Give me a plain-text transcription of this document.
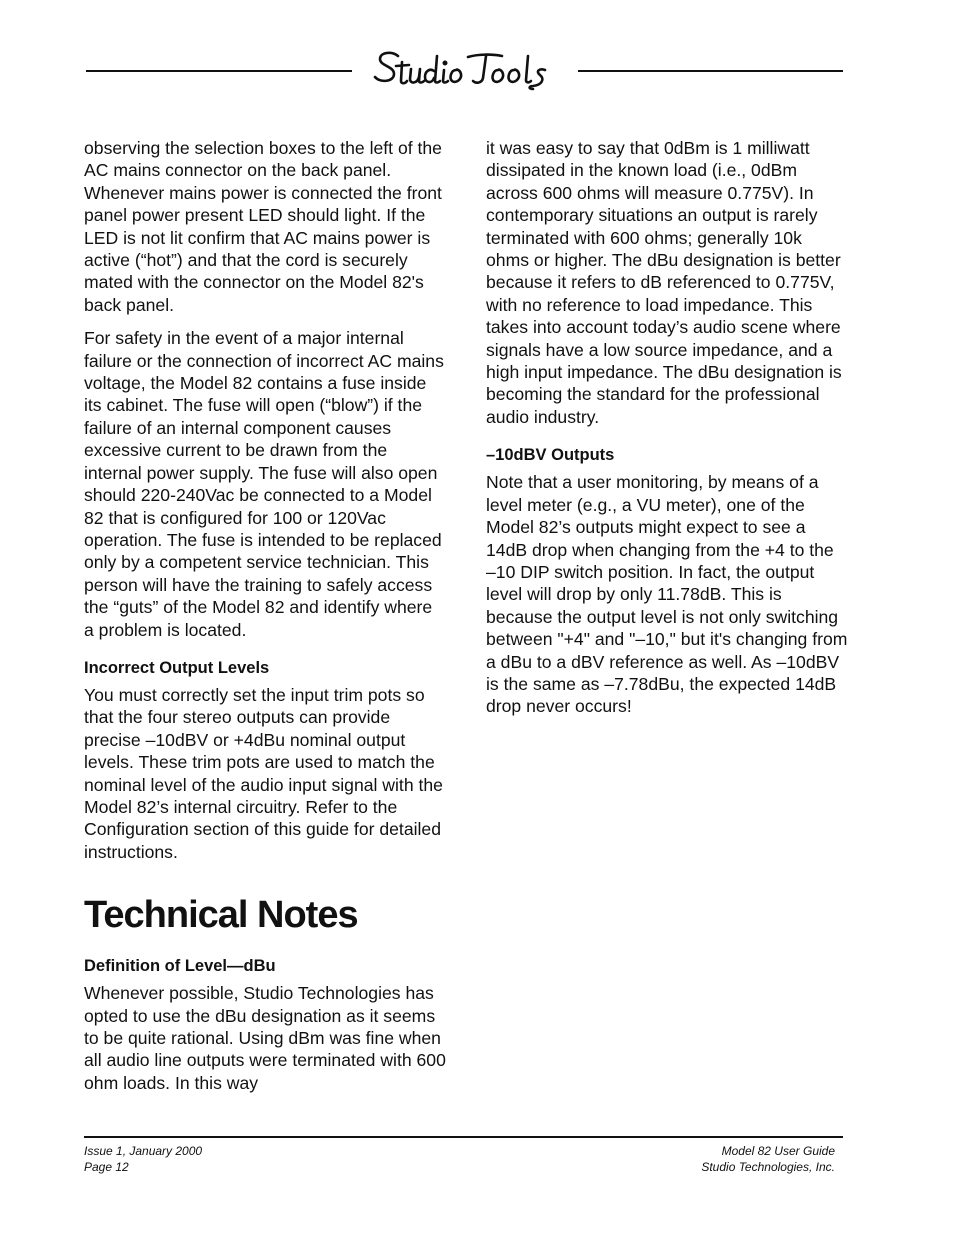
observing the selection boxes to the left of the AC mains connector on the back panel. Whenever mains power is connected the front panel power present LED should light. If the LED is not lit confirm that AC mains power is active (“hot”) and that the cord is securely mated with the connector on the Model 82's back panel.

For safety in the event of a major internal failure or the connection of incorrect AC mains voltage, the Model 82 contains a fuse inside its cabinet. The fuse will open (“blow”) if the failure of an internal component causes excessive current to be drawn from the internal power supply. The fuse will also open should 220-240Vac be connected to a Model 82 that is configured for 100 or 120Vac operation. The fuse is intended to be replaced only by a competent service technician. This person will have the training to safely access the “guts” of the Model 82 and identify where a problem is located.

Incorrect Output Levels

You must correctly set the input trim pots so that the four stereo outputs can provide precise –10dBV or +4dBu nominal output levels. These trim pots are used to match the nominal level of the audio input signal with the Model 82’s internal circuitry. Refer to the Configuration section of this guide for detailed instructions.

Technical Notes
Definition of Level—dBu

Whenever possible, Studio Technologies has opted to use the dBu designation as it seems to be quite rational. Using dBm was fine when all audio line outputs were terminated with 600 ohm loads. In this way

it was easy to say that 0dBm is 1 milliwatt dissipated in the known load (i.e., 0dBm across 600 ohms will measure 0.775V). In contemporary situations an output is rarely terminated with 600 ohms; generally 10k ohms or higher. The dBu designation is better because it refers to dB referenced to 0.775V, with no reference to load impedance. This takes into account today’s audio scene where signals have a low source impedance, and a high input impedance. The dBu designation is becoming the standard for the professional audio industry.

–10dBV Outputs

Note that a user monitoring, by means of a level meter (e.g., a VU meter), one of the Model 82’s outputs might expect to see a 14dB drop when changing from the +4 to the –10 DIP switch position. In fact, the output level will drop by only 11.78dB. This is because the output level is not only switching between "+4" and "–10," but it's changing from a dBu to a dBV reference as well. As –10dBV is the same as –7.78dBu, the expected 14dB drop never occurs!

Issue 1, January 2000
Page 12
Model 82 User Guide
Studio Technologies, Inc.
